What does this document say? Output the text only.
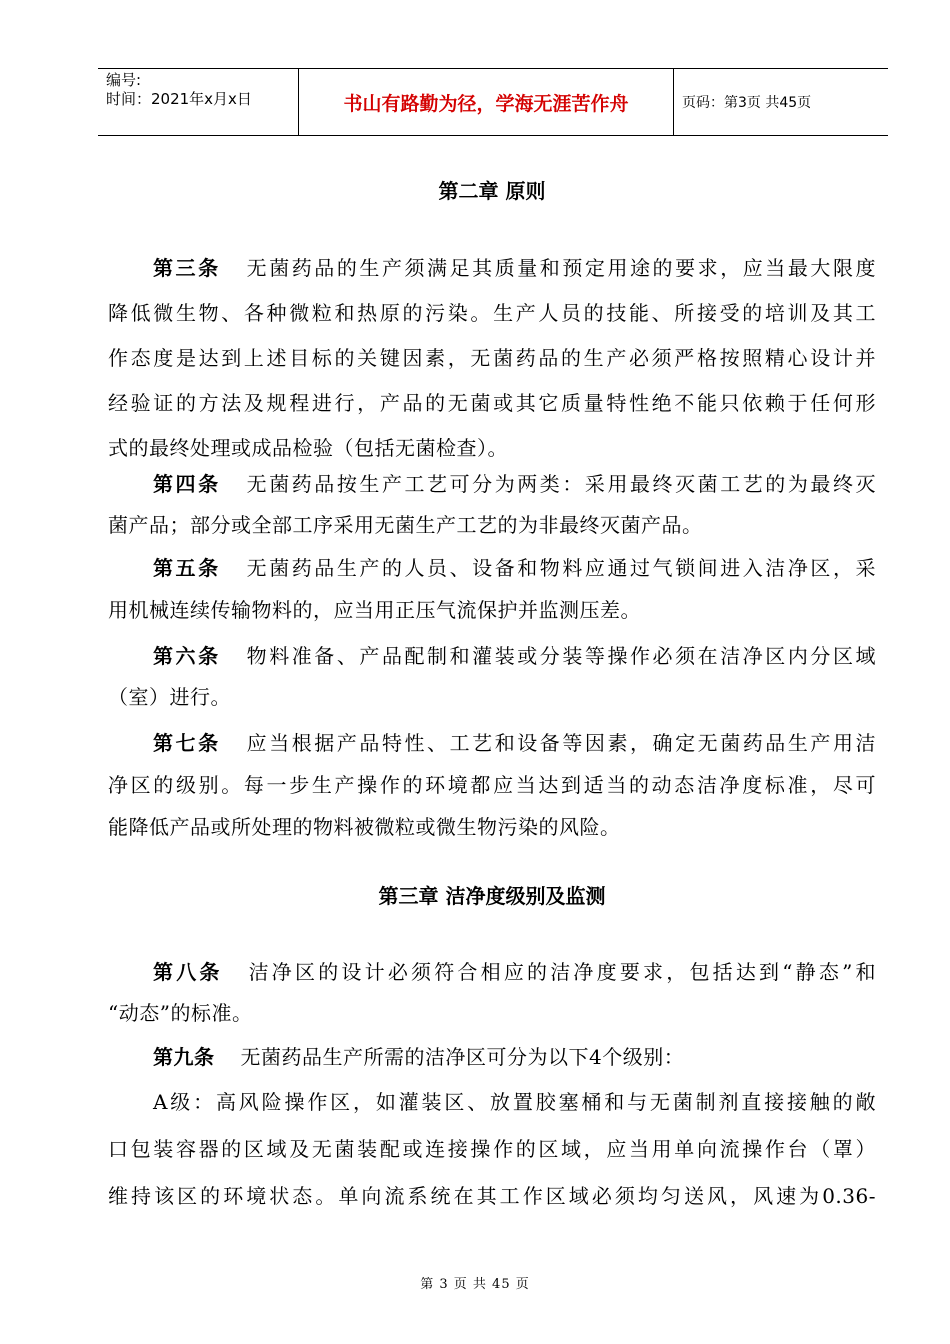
编号:
时间：2021年x月x日	书山有路勤为径，学海无涯苦作舟	页码：第3页 共45页
第二章 原则
第三条 无菌药品的生产须满足其质量和预定用途的要求，应当最大限度
降低微生物、各种微粒和热原的污染。生产人员的技能、所接受的培训及其工
作态度是达到上述目标的关键因素，无菌药品的生产必须严格按照精心设计并
经验证的方法及规程进行，产品的无菌或其它质量特性绝不能只依赖于任何形
式的最终处理或成品检验（包括无菌检查）。
第四条 无菌药品按生产工艺可分为两类：采用最终灭菌工艺的为最终灭
菌产品；部分或全部工序采用无菌生产工艺的为非最终灭菌产品。
第五条 无菌药品生产的人员、设备和物料应通过气锁间进入洁净区，采
用机械连续传输物料的，应当用正压气流保护并监测压差。
第六条 物料准备、产品配制和灌装或分装等操作必须在洁净区内分区域
（室）进行。
第七条 应当根据产品特性、工艺和设备等因素，确定无菌药品生产用洁
净区的级别。每一步生产操作的环境都应当达到适当的动态洁净度标准，尽可
能降低产品或所处理的物料被微粒或微生物污染的风险。
第三章 洁净度级别及监测
第八条 洁净区的设计必须符合相应的洁净度要求，包括达到“静态”和
“动态”的标准。
第九条 无菌药品生产所需的洁净区可分为以下4个级别：
A级：高风险操作区，如灌装区、放置胶塞桶和与无菌制剂直接接触的敞
口包装容器的区域及无菌装配或连接操作的区域，应当用单向流操作台（罩）
维持该区的环境状态。单向流系统在其工作区域必须均匀送风，风速为0.36-
第 3 页 共 45 页
